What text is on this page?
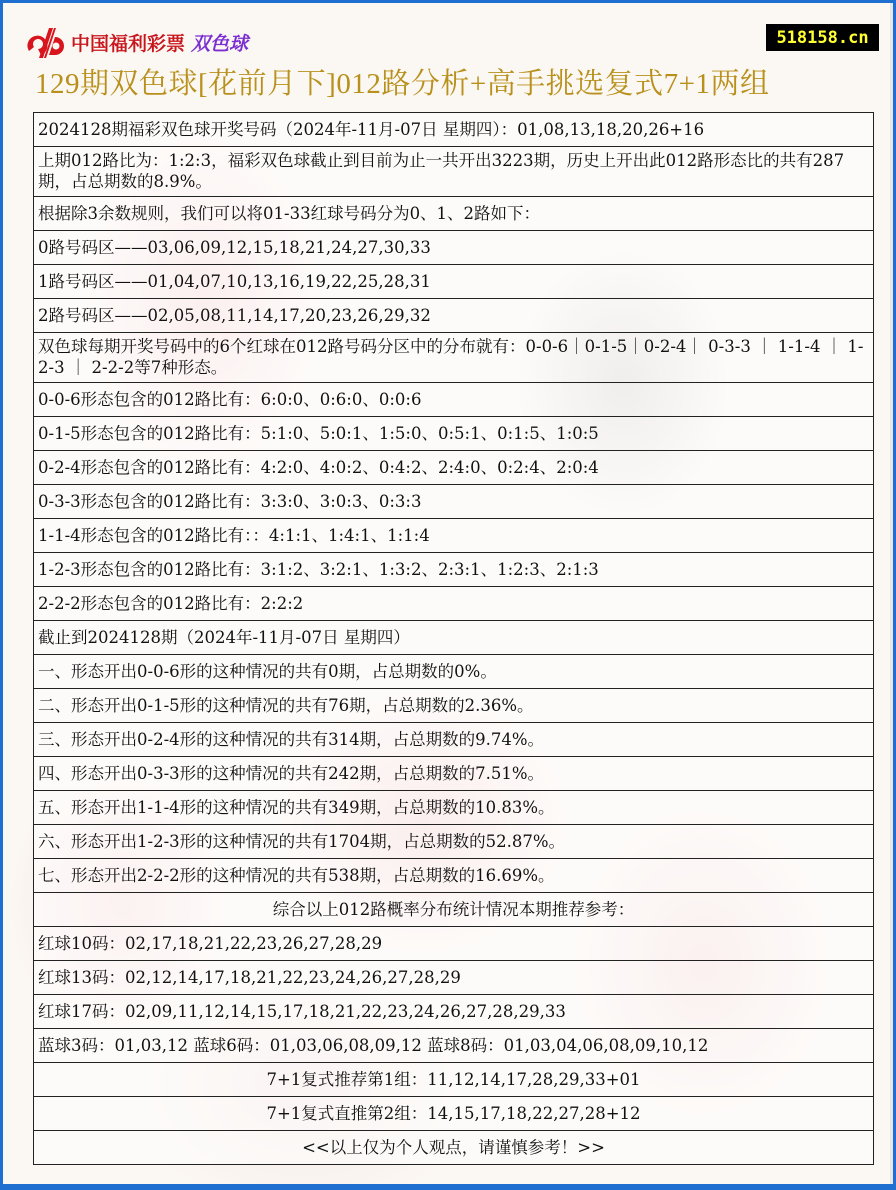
中国福利彩票 双色球	518158.cn
129期双色球[花前月下]012路分析+高手挑选复式7+1两组
2024128期福彩双色球开奖号码（2024年-11月-07日 星期四）：01,08,13,18,20,26+16
上期012路比为：1:2:3，福彩双色球截止到目前为止一共开出3223期，历史上开出此012路形态比的共有287期，占总期数的8.9%。
根据除3余数规则，我们可以将01-33红球号码分为0、1、2路如下：
0路号码区——03,06,09,12,15,18,21,24,27,30,33
1路号码区——01,04,07,10,13,16,19,22,25,28,31
2路号码区——02,05,08,11,14,17,20,23,26,29,32
双色球每期开奖号码中的6个红球在012路号码分区中的分布就有：0-0-6｜0-1-5｜0-2-4｜ 0-3-3 ｜ 1-1-4 ｜ 1-2-3 ｜ 2-2-2等7种形态。
0-0-6形态包含的012路比有：6:0:0、0:6:0、0:0:6
0-1-5形态包含的012路比有：5:1:0、5:0:1、1:5:0、0:5:1、0:1:5、1:0:5
0-2-4形态包含的012路比有：4:2:0、4:0:2、0:4:2、2:4:0、0:2:4、2:0:4
0-3-3形态包含的012路比有：3:3:0、3:0:3、0:3:3
1-1-4形态包含的012路比有：：4:1:1、1:4:1、1:1:4
1-2-3形态包含的012路比有：3:1:2、3:2:1、1:3:2、2:3:1、1:2:3、2:1:3
2-2-2形态包含的012路比有：2:2:2
截止到2024128期（2024年-11月-07日 星期四）
一、形态开出0-0-6形的这种情况的共有0期，占总期数的0%。
二、形态开出0-1-5形的这种情况的共有76期，占总期数的2.36%。
三、形态开出0-2-4形的这种情况的共有314期，占总期数的9.74%。
四、形态开出0-3-3形的这种情况的共有242期，占总期数的7.51%。
五、形态开出1-1-4形的这种情况的共有349期，占总期数的10.83%。
六、形态开出1-2-3形的这种情况的共有1704期，占总期数的52.87%。
七、形态开出2-2-2形的这种情况的共有538期，占总期数的16.69%。
综合以上012路概率分布统计情况本期推荐参考：
红球10码：02,17,18,21,22,23,26,27,28,29
红球13码：02,12,14,17,18,21,22,23,24,26,27,28,29
红球17码：02,09,11,12,14,15,17,18,21,22,23,24,26,27,28,29,33
蓝球3码：01,03,12 蓝球6码：01,03,06,08,09,12 蓝球8码：01,03,04,06,08,09,10,12
7+1复式推荐第1组：11,12,14,17,28,29,33+01
7+1复式直推第2组：14,15,17,18,22,27,28+12
<<以上仅为个人观点，请谨慎参考！>>
